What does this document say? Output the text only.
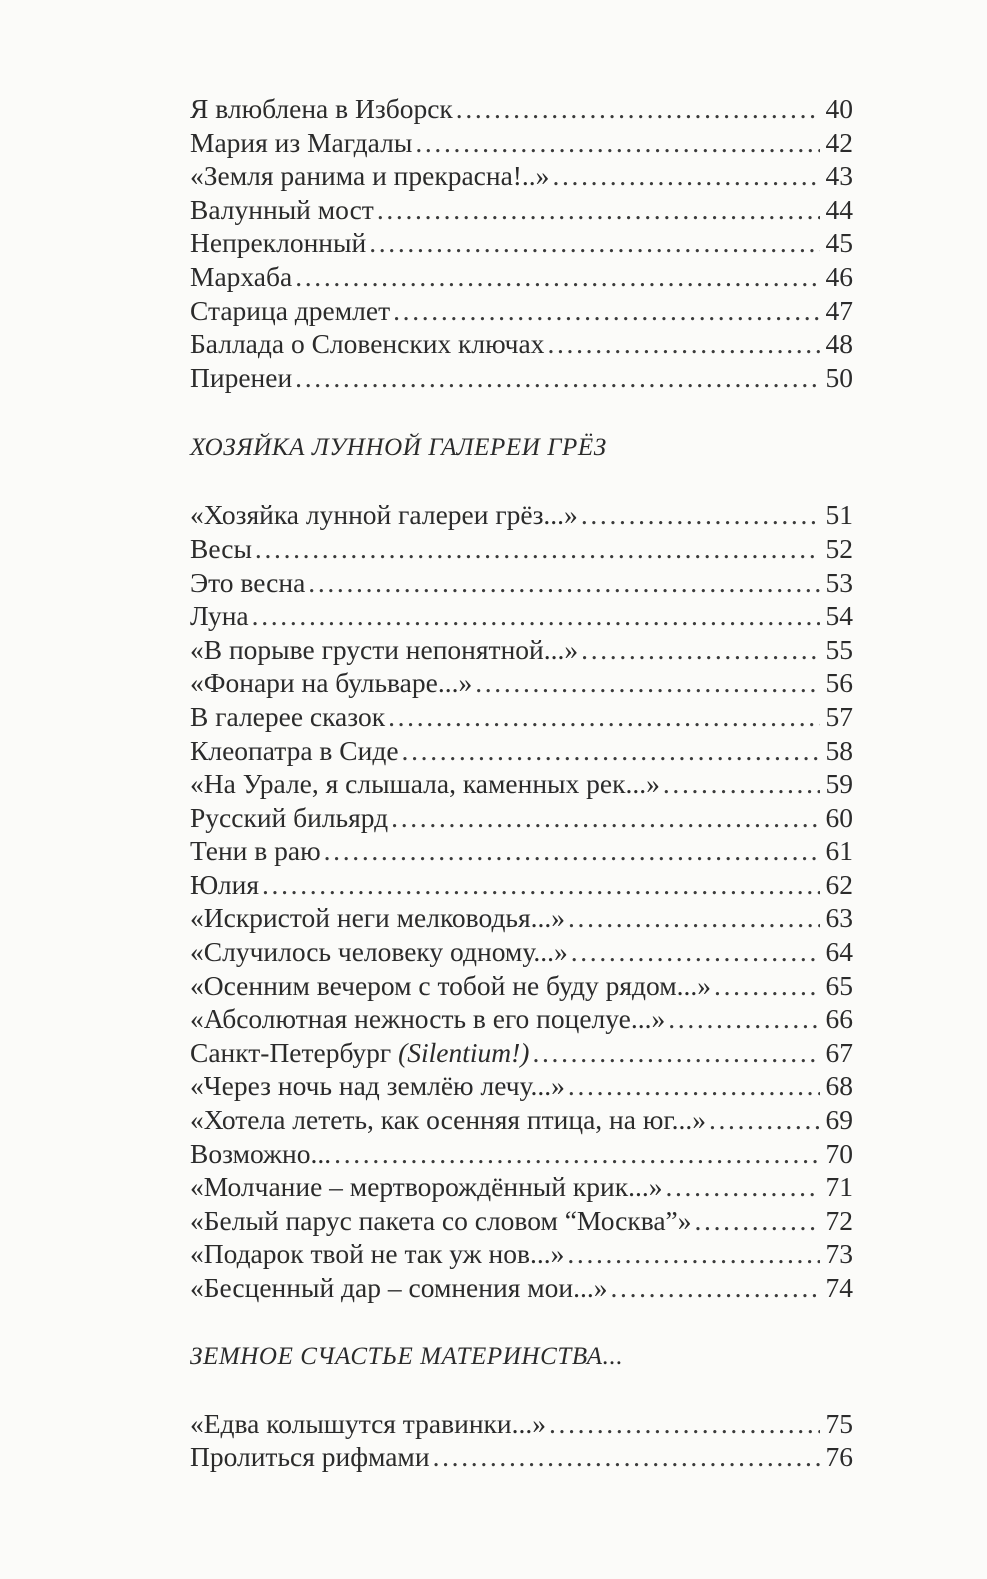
Я влюблена в Изборск . . .	40
Мария из Магдалы . . .	42
«Земля ранима и прекрасна!..» . . .	43
Валунный мост . . .	44
Непреклонный . . .	45
Мархаба . . .	46
Старица дремлет . . .	47
Баллада о Словенских ключах . . .	48
Пиренеи . . .	50
ХОЗЯЙКА ЛУННОЙ ГАЛЕРЕИ ГРЁЗ
«Хозяйка лунной галереи грёз...» . . .	51
Весы . . .	52
Это весна . . .	53
Луна . . .	54
«В порыве грусти непонятной...» . . .	55
«Фонари на бульваре...» . . .	56
В галерее сказок . . .	57
Клеопатра в Сиде . . .	58
«На Урале, я слышала, каменных рек...» . . .	59
Русский бильярд . . .	60
Тени в раю . . .	61
Юлия . . .	62
«Искристой неги мелководья...» . . .	63
«Случилось человеку одному...» . . .	64
«Осенним вечером с тобой не буду рядом...» . . .	65
«Абсолютная нежность в его поцелуе...» . . .	66
Санкт-Петербург (Silentium!) . . .	67
«Через ночь над землёю лечу...» . . .	68
«Хотела лететь, как осенняя птица, на юг...» . . .	69
Возможно... . . .	70
«Молчание – мертворождённый крик...» . . .	71
«Белый парус пакета со словом “Москва”» . . .	72
«Подарок твой не так уж нов...» . . .	73
«Бесценный дар – сомнения мои...» . . .	74
ЗЕМНОЕ СЧАСТЬЕ МАТЕРИНСТВА...
«Едва колышутся травинки...» . . .	75
Пролиться рифмами . . .	76
